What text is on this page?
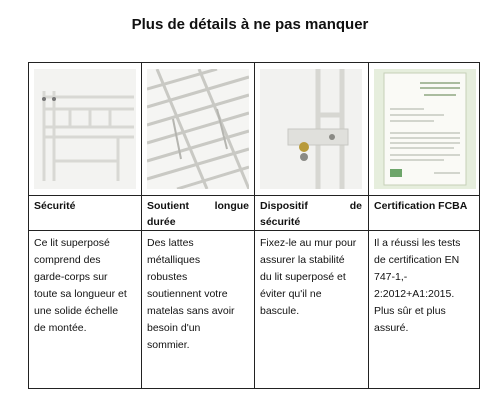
Plus de détails à ne pas manquer
Sécurité	Soutient longue
durée
Dispositif de
sécurité
Certification FCBA
Ce lit superposé
comprend des
garde-corps sur
toute sa longueur et
une solide échelle
de montée.
Des lattes
métalliques
robustes
soutiennent votre
matelas sans avoir
besoin d'un
sommier.
Fixez-le au mur pour
assurer la stabilité
du lit superposé et
éviter qu'il ne
bascule.
Il a réussi les tests
de certification EN
747-1,-
2:2012+A1:2015.
Plus sûr et plus
assuré.
